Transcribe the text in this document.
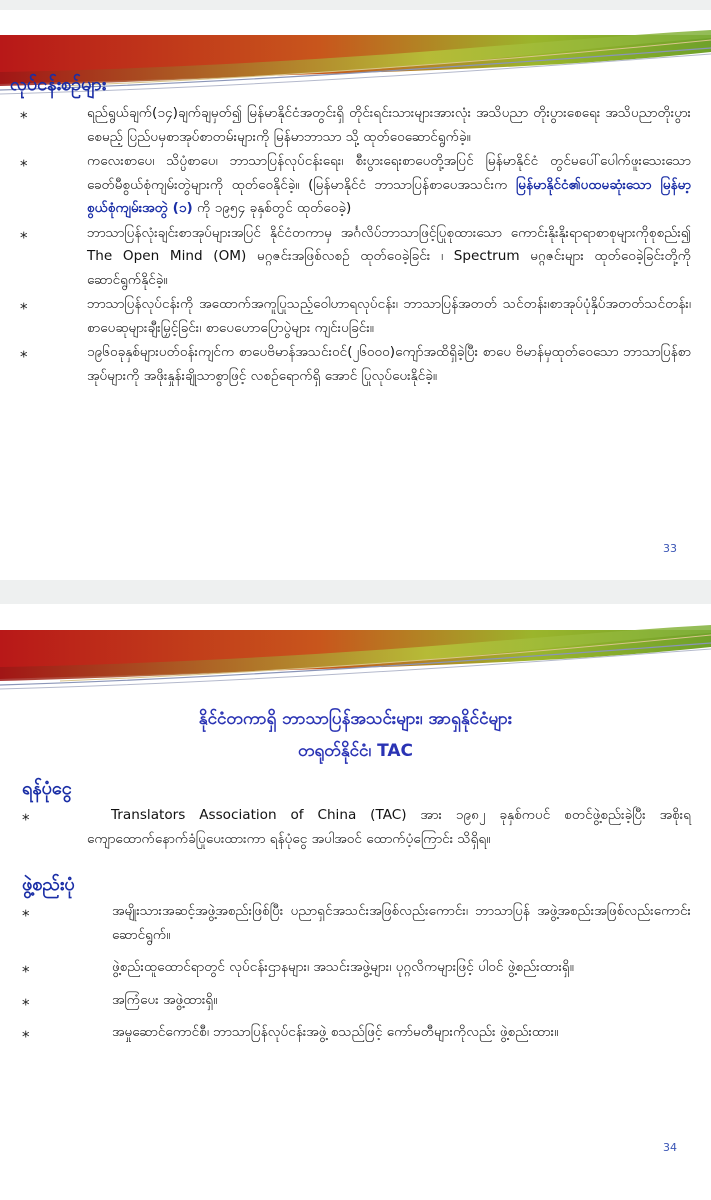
လုပ်ငန်းစဉ်များ
⁎	ရည်ရွယ်ချက်(၁၄)ချက်ချမှတ်၍ မြန်မာနိုင်ငံအတွင်းရှိ တိုင်းရင်းသားများအားလုံး အသိပညာ တိုးပွားစေရေး အသိပညာတိုးပွားစေမည့် ပြည်ပမှစာအုပ်စာတမ်းများကို မြန်မာဘာသာ သို့ ထုတ်ဝေဆောင်ရွက်ခဲ့။
⁎	ကလေးစာပေ၊ သိပ္ပံစာပေ၊ ဘာသာပြန်လုပ်ငန်းရေး၊ စီးပွားရေးစာပေတို့အပြင် မြန်မာနိုင်ငံ တွင်မပေါ်ပေါက်ဖူးသေးသော ခေတ်မီစွယ်စုံကျမ်းတွဲများကို ထုတ်ဝေနိုင်ခဲ့။ (မြန်မာနိုင်ငံ ဘာသာပြန်စာပေအသင်းက မြန်မာနိုင်ငံ၏ပထမဆုံးသော မြန်မာ့စွယ်စုံကျမ်းအတွဲ (၁) ကို ၁၉၅၄ ခုနှစ်တွင် ထုတ်ဝေခဲ့)
⁎	ဘာသာပြန်လုံးချင်းစာအုပ်များအပြင် နိုင်ငံတကာမှ အင်္ဂလိပ်ဘာသာဖြင့်ပြုစုထားသော ကောင်းနိုးနိုးရာရာစာစုများကိုစုစည်း၍ The Open Mind (OM) မဂ္ဂဇင်းအဖြစ်လစဉ် ထုတ်ဝေခဲ့ခြင်း ၊ Spectrum မဂ္ဂဇင်းများ ထုတ်ဝေခဲ့ခြင်းတို့ကို ဆောင်ရွက်နိုင်ခဲ့။
⁎	ဘာသာပြန်လုပ်ငန်းကို အထောက်အကူပြုသည့်ဝေါဟာရလုပ်ငန်း၊ ဘာသာပြန်အတတ် သင်တန်း၊စာအုပ်ပုံနှိပ်အတတ်သင်တန်း၊ စာပေဆုများချီးမြှင့်ခြင်း၊ စာပေဟောပြောပွဲများ ကျင်းပခြင်း။
⁎	၁၉၆၀ခုနှစ်များပတ်ဝန်းကျင်က စာပေဗိမာန်အသင်းဝင်(၂၆၀၀၀)ကျော်အထိရှိခဲ့ပြီး စာပေ ဗိမာန်မှထုတ်ဝေသော ဘာသာပြန်စာအုပ်များကို အဖိုးနှုန်းချိုသာစွာဖြင့် လစဉ်ရောက်ရှိ အောင် ပြုလုပ်ပေးနိုင်ခဲ့။
33
နိုင်ငံတကာရှိ ဘာသာပြန်အသင်းများ၊ အာရှနိုင်ငံများ
တရုတ်နိုင်ငံ၊ TAC
ရန်ပုံငွေ

⁎	Translators Association of China (TAC) အား ၁၉၈၂ ခုနှစ်ကပင် စတင်ဖွဲ့စည်းခဲ့ပြီး အစိုးရကျောထောက်နောက်ခံပြုပေးထားကာ ရန်ပုံငွေ အပါအဝင် ထောက်ပံ့ကြောင်း သိရှိရ။

ဖွဲ့စည်းပုံ
⁎	အမျိုးသားအဆင့်အဖွဲ့အစည်းဖြစ်ပြီး ပညာရှင်အသင်းအဖြစ်လည်းကောင်း၊ ဘာသာပြန် အဖွဲ့အစည်းအဖြစ်လည်းကောင်း ဆောင်ရွက်။
⁎	ဖွဲ့စည်းထူထောင်ရာတွင် လုပ်ငန်းဌာနများ၊ အသင်းအဖွဲ့များ၊ ပုဂ္ဂလိကများဖြင့် ပါဝင် ဖွဲ့စည်းထားရှိ။
⁎	အကြံပေး အဖွဲ့ထားရှိ။
⁎	အမှုဆောင်ကောင်စီ၊ ဘာသာပြန်လုပ်ငန်းအဖွဲ့ စသည်ဖြင့် ကော်မတီများကိုလည်း ဖွဲ့စည်းထား။
34
